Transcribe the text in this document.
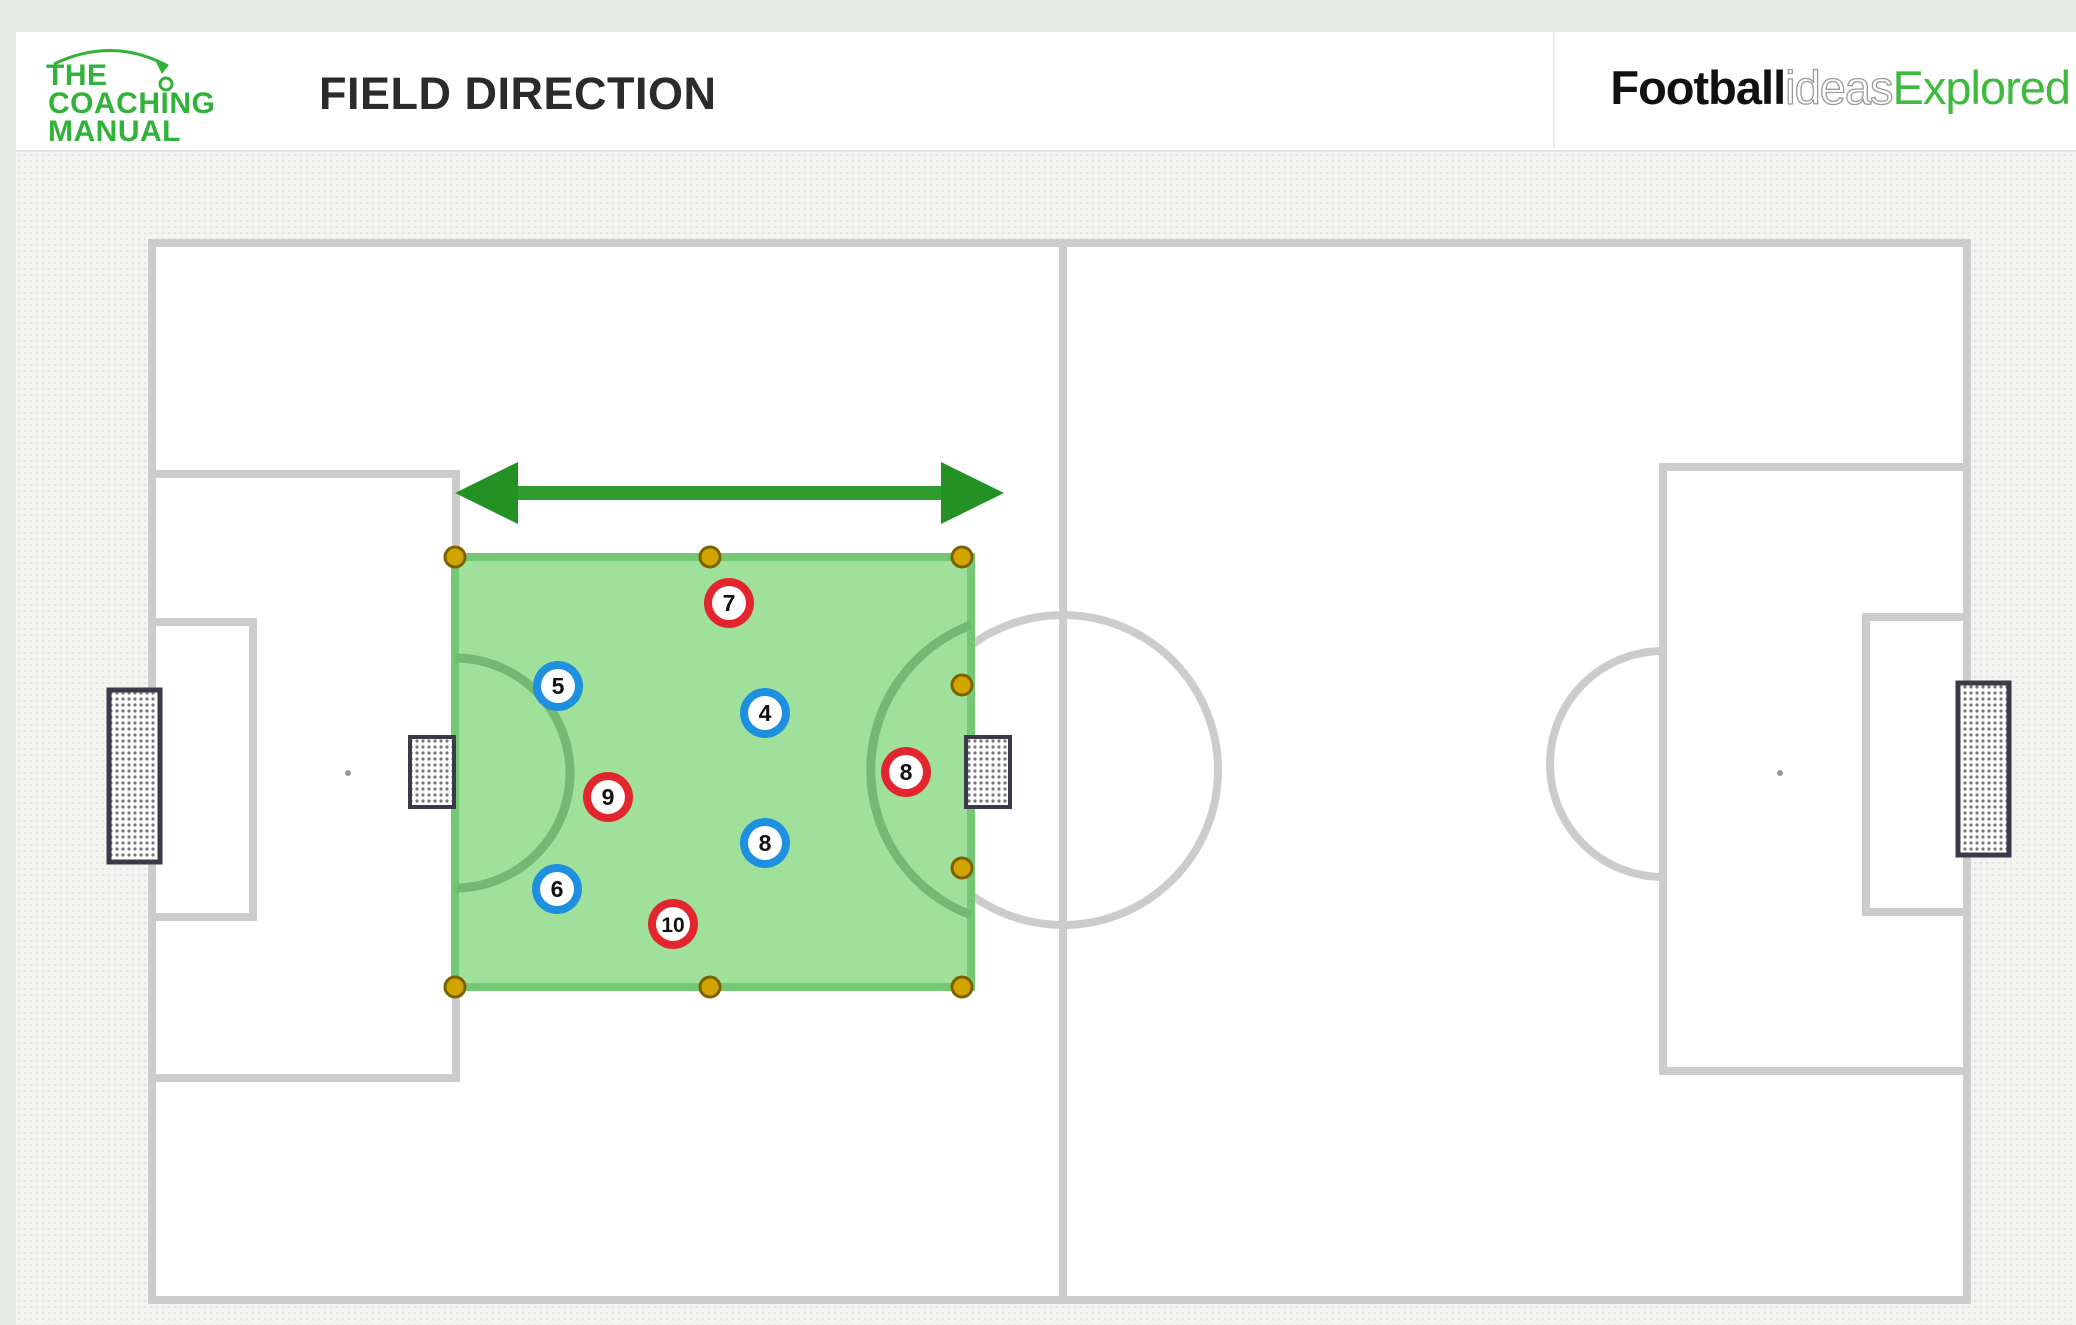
THE
COACHING
MANUAL
FIELD DIRECTION	FootballideasExplored
7
5
4
8
9
8
6
10
